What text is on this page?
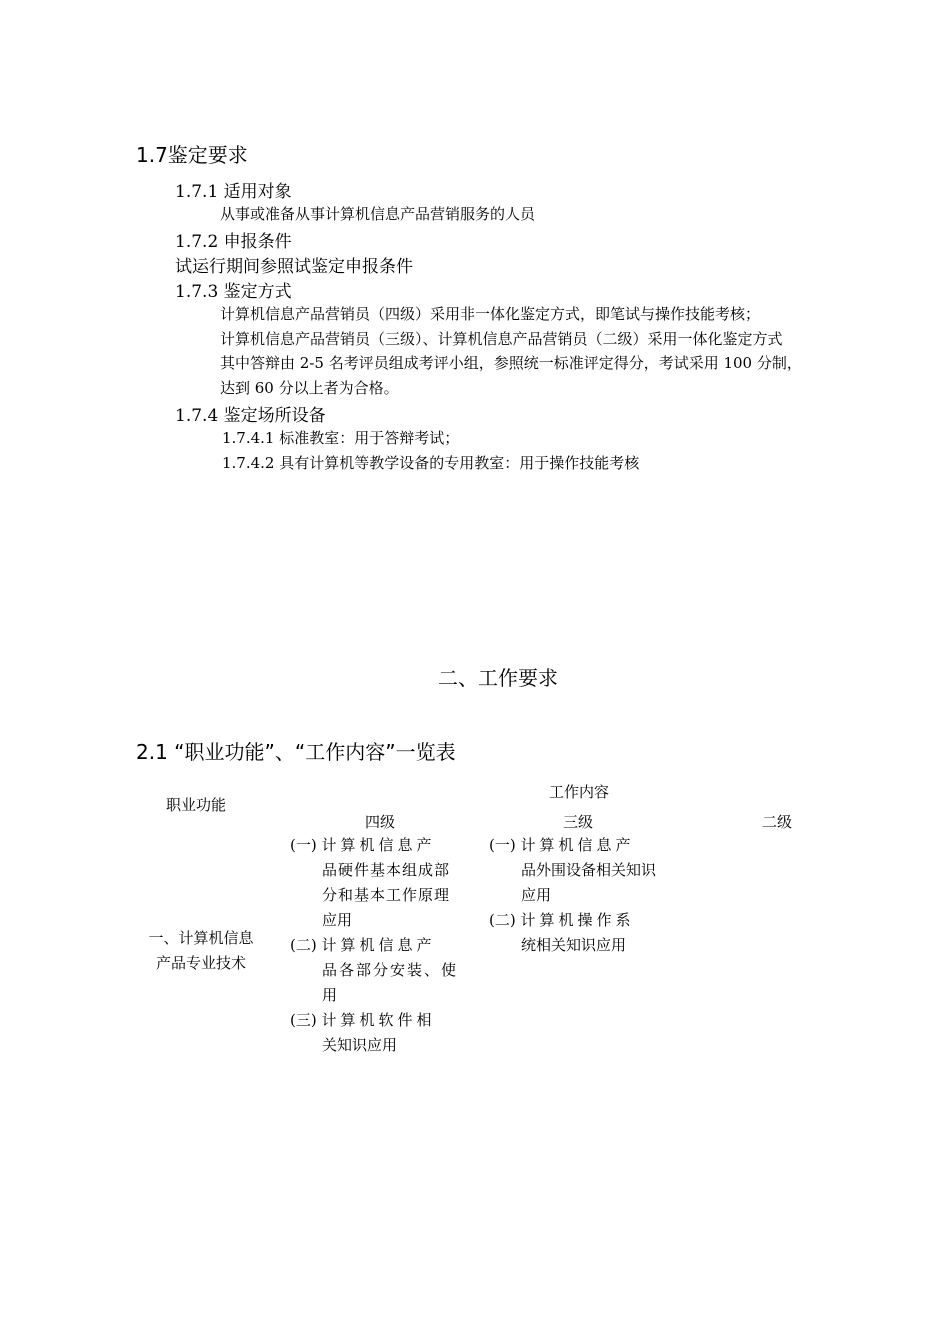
1.7鉴定要求
1.7.1 适用对象
从事或准备从事计算机信息产品营销服务的人员
1.7.2 申报条件
试运行期间参照试鉴定申报条件
1.7.3 鉴定方式
计算机信息产品营销员（四级）采用非一体化鉴定方式，即笔试与操作技能考核；
计算机信息产品营销员（三级）、计算机信息产品营销员（二级）采用一体化鉴定方式
其中答辩由 2-5 名考评员组成考评小组，参照统一标准评定得分，考试采用 100 分制，
达到 60 分以上者为合格。
1.7.4 鉴定场所设备
1.7.4.1 标准教室：用于答辩考试；
1.7.4.2 具有计算机等教学设备的专用教室：用于操作技能考核
二、工作要求
2.1 “职业功能”、“工作内容”一览表
职业功能
工作内容
四级	三级	二级
一、计算机信息
产品专业技术
(一) 计算机信息产
品硬件基本组成部
分和基本工作原理
应用
(二) 计算机信息产
品各部分安装、使
用
(三) 计算机软件相
关知识应用
(一) 计算机信息产
品外围设备相关知识
应用
(二) 计算机操作系
统相关知识应用
